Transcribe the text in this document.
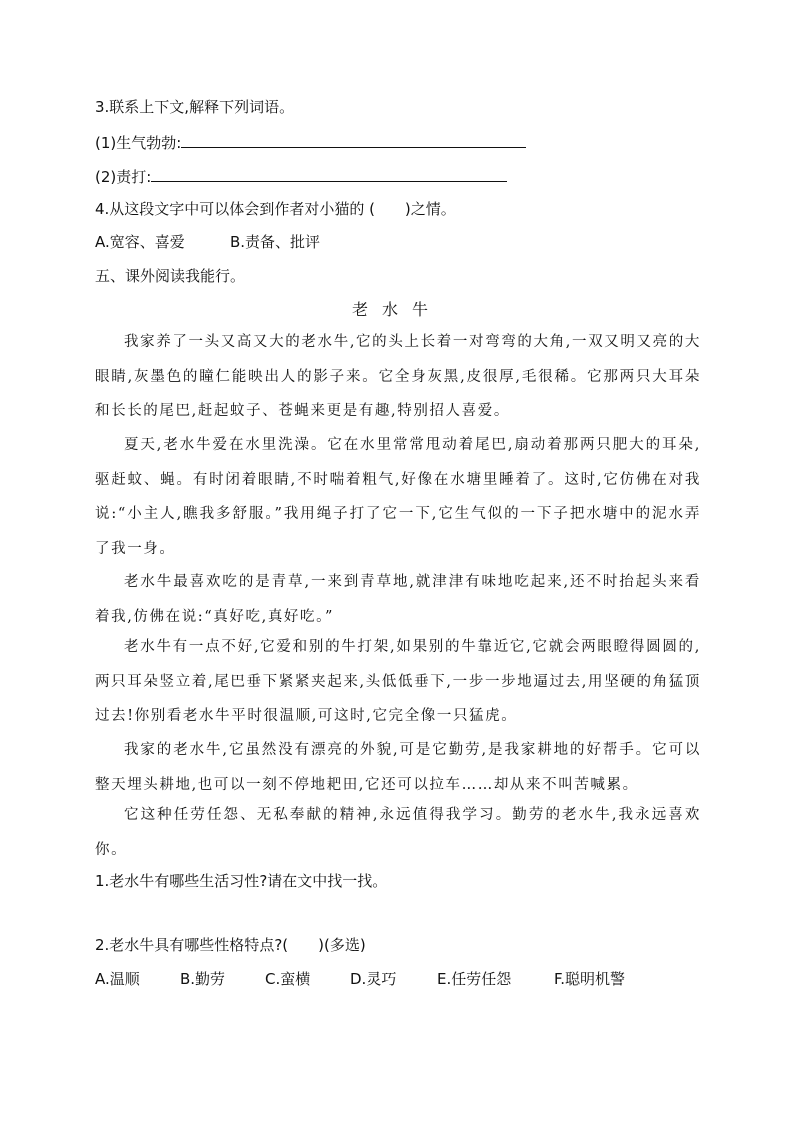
3.联系上下文,解释下列词语。
(1)生气勃勃:
(2)责打:
4.从这段文字中可以体会到作者对小猫的 (　　)之情。
A.宽容、喜爱	B.责备、批评
五、课外阅读我能行。
老水牛

我家养了一头又高又大的老水牛,它的头上长着一对弯弯的大角,一双又明又亮的大眼睛,灰墨色的瞳仁能映出人的影子来。它全身灰黑,皮很厚,毛很稀。它那两只大耳朵和长长的尾巴,赶起蚊子、苍蝇来更是有趣,特别招人喜爱。

夏天,老水牛爱在水里洗澡。它在水里常常甩动着尾巴,扇动着那两只肥大的耳朵,驱赶蚊、蝇。有时闭着眼睛,不时喘着粗气,好像在水塘里睡着了。这时,它仿佛在对我说:“小主人,瞧我多舒服。”我用绳子打了它一下,它生气似的一下子把水塘中的泥水弄了我一身。

老水牛最喜欢吃的是青草,一来到青草地,就津津有味地吃起来,还不时抬起头来看着我,仿佛在说:“真好吃,真好吃。”

老水牛有一点不好,它爱和别的牛打架,如果别的牛靠近它,它就会两眼瞪得圆圆的,两只耳朵竖立着,尾巴垂下紧紧夹起来,头低低垂下,一步一步地逼过去,用坚硬的角猛顶过去!你别看老水牛平时很温顺,可这时,它完全像一只猛虎。

我家的老水牛,它虽然没有漂亮的外貌,可是它勤劳,是我家耕地的好帮手。它可以整天埋头耕地,也可以一刻不停地耙田,它还可以拉车……却从来不叫苦喊累。

它这种任劳任怨、无私奉献的精神,永远值得我学习。勤劳的老水牛,我永远喜欢你。

1.老水牛有哪些生活习性?请在文中找一找。
2.老水牛具有哪些性格特点?(　　)(多选)
A.温顺	B.勤劳	C.蛮横	D.灵巧	E.任劳任怨	F.聪明机警
